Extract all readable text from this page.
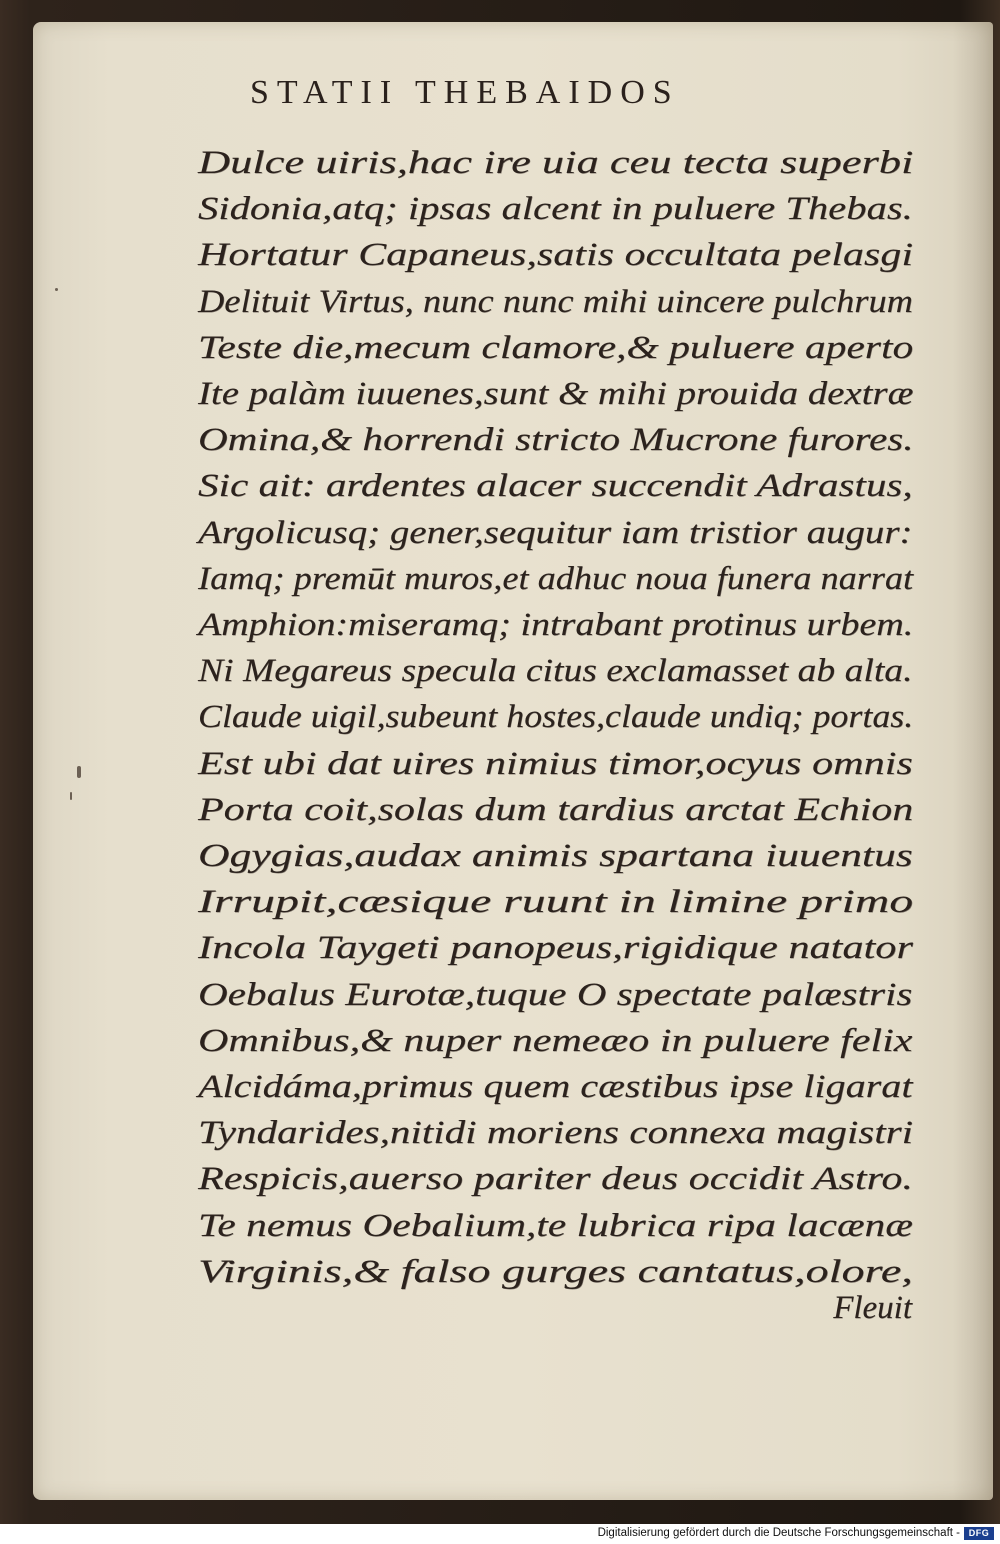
STATII THEBAIDOS
Dulce uiris,hac ire uia ceu tecta superbi
Sidonia,atq; ipsas alcent in puluere Thebas.
Hortatur Capaneus,satis occultata pelasgi
Delituit Virtus, nunc nunc mihi uincere pulchrum
Teste die,mecum clamore,& puluere aperto
Ite palàm iuuenes,sunt & mihi prouida dextræ
Omina,& horrendi stricto Mucrone furores.
Sic ait: ardentes alacer succendit Adrastus,
Argolicusq; gener,sequitur iam tristior augur:
Iamq; premūt muros,et adhuc noua funera narrat
Amphion:miseramq; intrabant protinus urbem.
Ni Megareus specula citus exclamasset ab alta.
Claude uigil,subeunt hostes,claude undiq; portas.
Est ubi dat uires nimius timor,ocyus omnis
Porta coit,solas dum tardius arctat Echion
Ogygias,audax animis spartana iuuentus
Irrupit,cæsique ruunt in limine primo
Incola Taygeti panopeus,rigidique natator
Oebalus Eurotæ,tuque O spectate palæstris
Omnibus,& nuper nemeæo in puluere felix
Alcidáma,primus quem cæstibus ipse ligarat
Tyndarides,nitidi moriens connexa magistri
Respicis,auerso pariter deus occidit Astro.
Te nemus Oebalium,te lubrica ripa lacænæ
Virginis,& falso gurges cantatus,olore,
Fleuit
Digitalisierung gefördert durch die Deutsche Forschungsgemeinschaft - DFG
